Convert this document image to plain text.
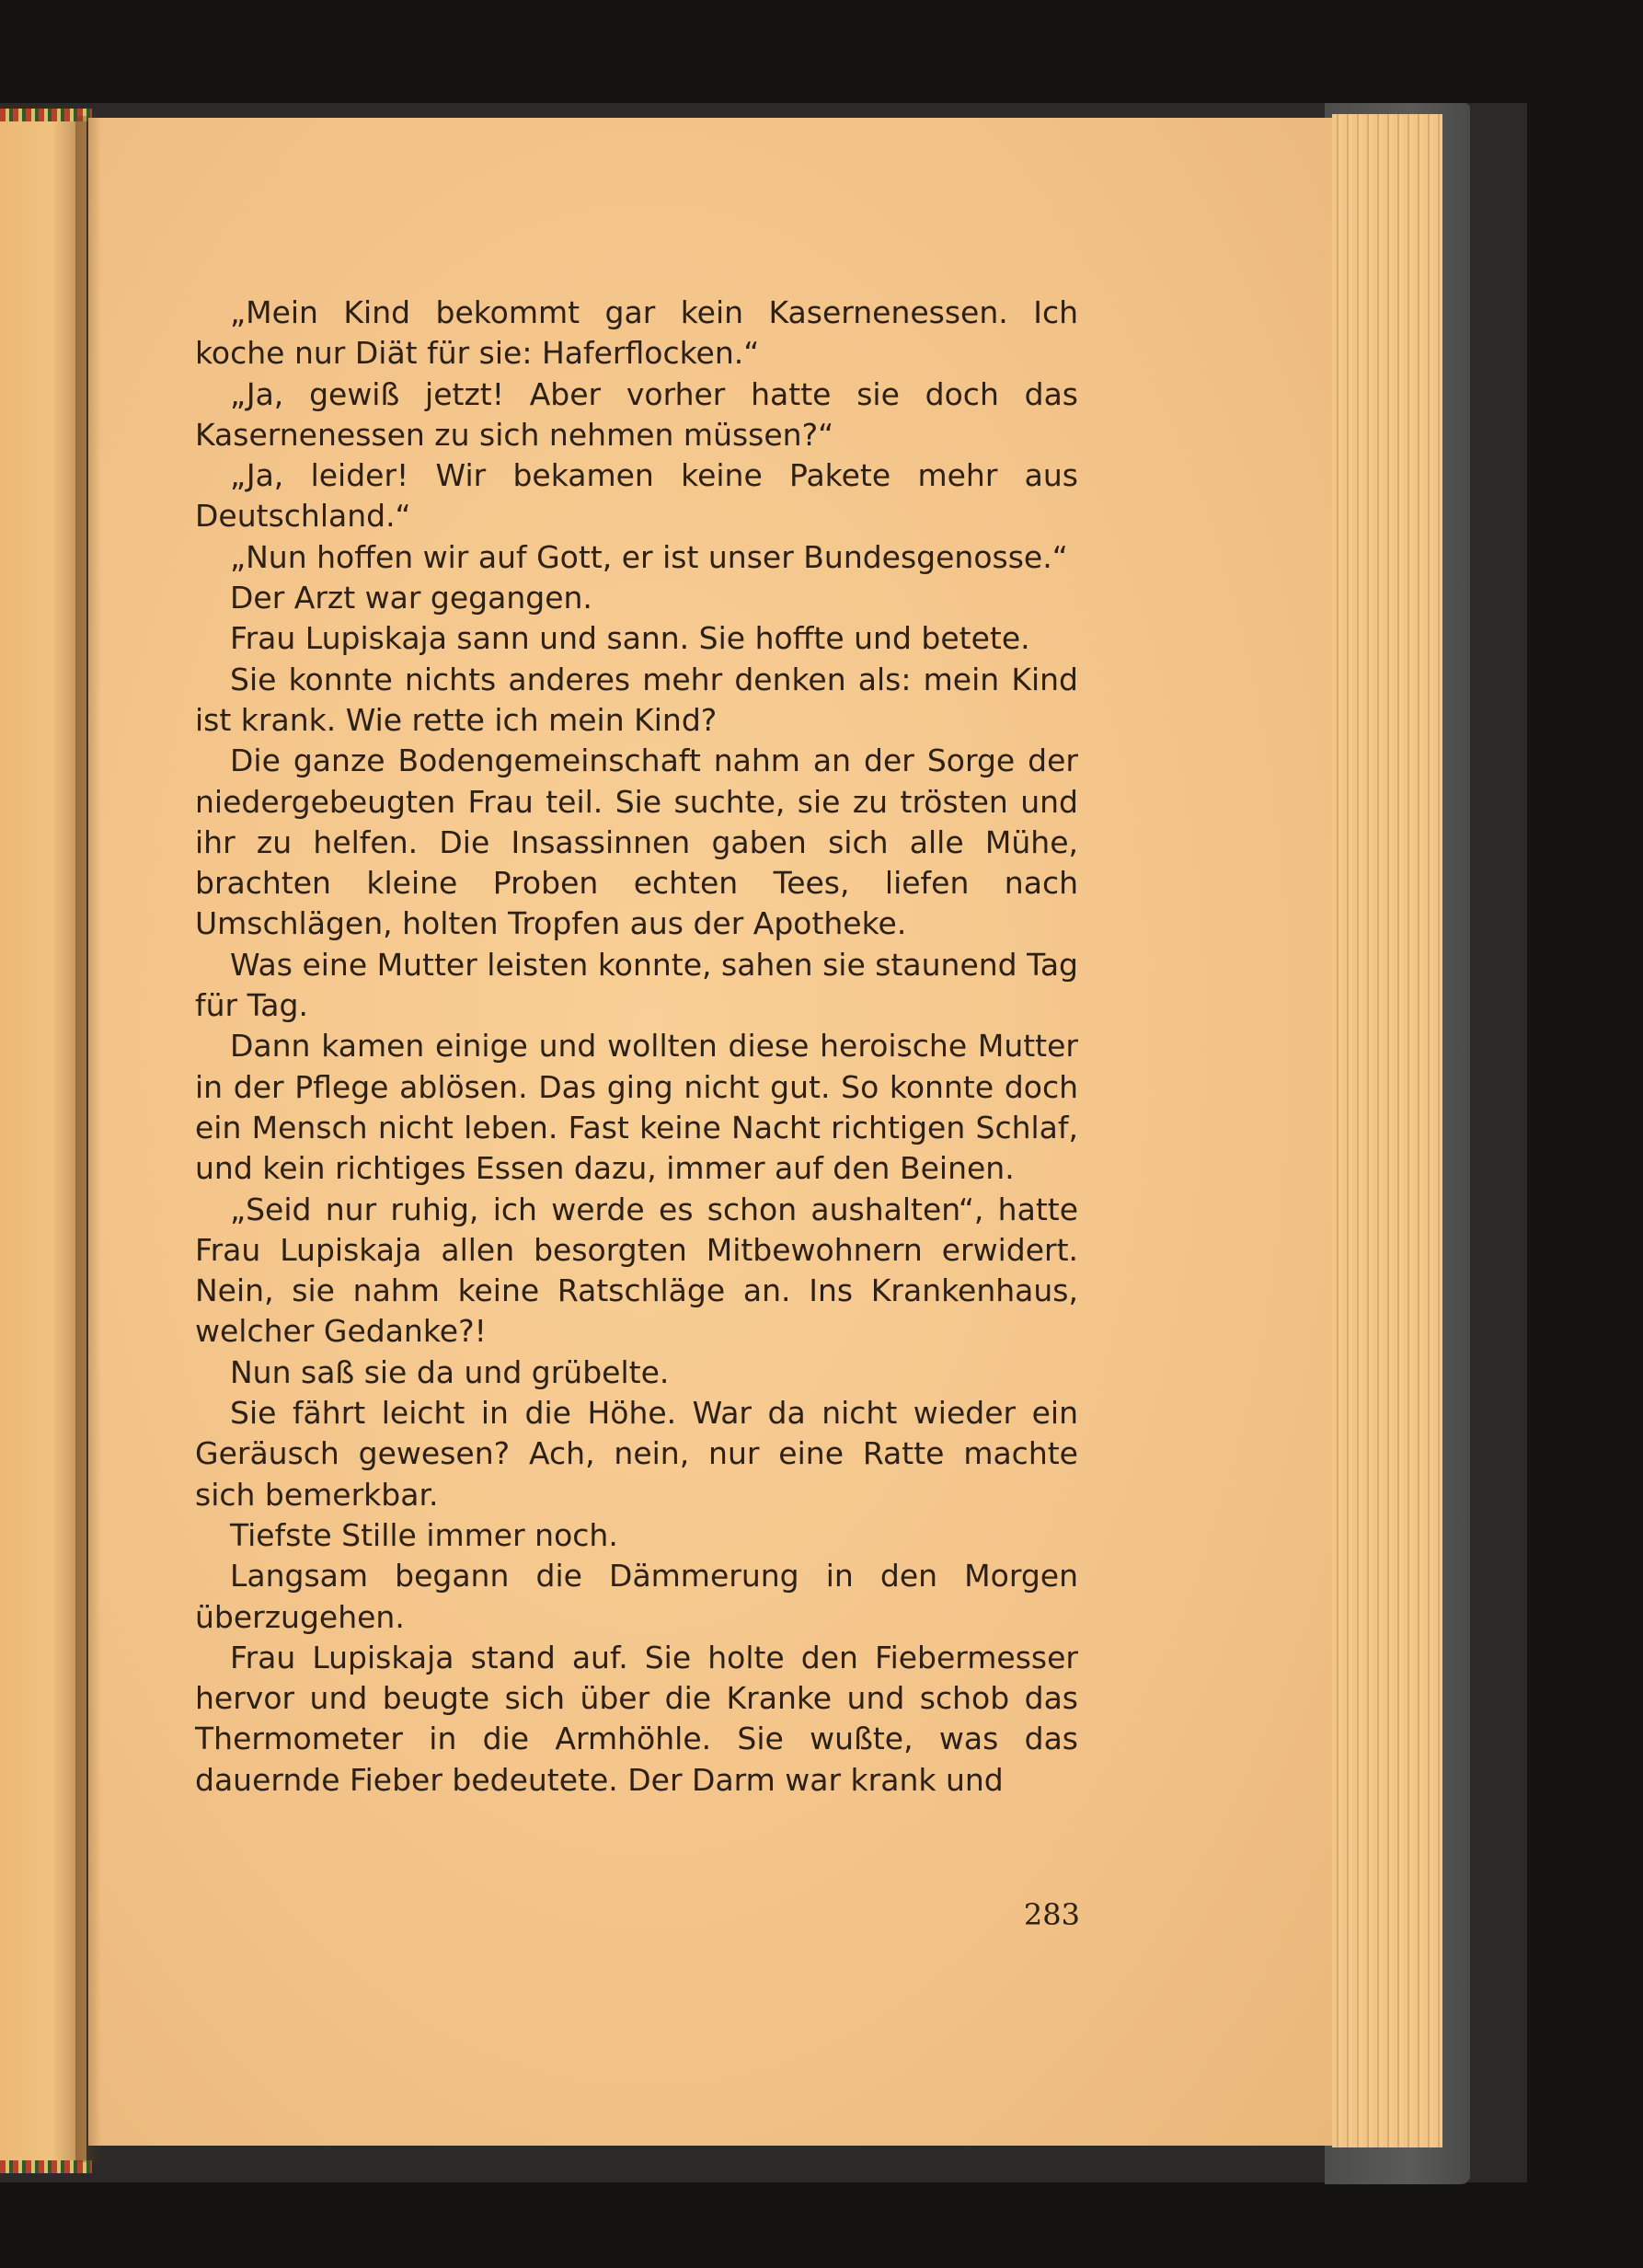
„Mein Kind bekommt gar kein Kasernenessen. Ich koche nur Diät für sie: Haferflocken.“

„Ja, gewiß jetzt! Aber vorher hatte sie doch das Kasernenessen zu sich nehmen müssen?“

„Ja, leider! Wir bekamen keine Pakete mehr aus Deutschland.“

„Nun hoffen wir auf Gott, er ist unser Bundesgenosse.“

Der Arzt war gegangen.

Frau Lupiskaja sann und sann. Sie hoffte und betete.

Sie konnte nichts anderes mehr denken als: mein Kind ist krank. Wie rette ich mein Kind?

Die ganze Bodengemeinschaft nahm an der Sorge der niedergebeugten Frau teil. Sie suchte, sie zu trösten und ihr zu helfen. Die Insassinnen gaben sich alle Mühe, brachten kleine Proben echten Tees, liefen nach Umschlägen, holten Tropfen aus der Apotheke.

Was eine Mutter leisten konnte, sahen sie staunend Tag für Tag.

Dann kamen einige und wollten diese heroische Mutter in der Pflege ablösen. Das ging nicht gut. So konnte doch ein Mensch nicht leben. Fast keine Nacht richtigen Schlaf, und kein richtiges Essen dazu, immer auf den Beinen.

„Seid nur ruhig, ich werde es schon aushalten“, hatte Frau Lupiskaja allen besorgten Mitbewohnern erwidert. Nein, sie nahm keine Ratschläge an. Ins Krankenhaus, welcher Gedanke?!

Nun saß sie da und grübelte.

Sie fährt leicht in die Höhe. War da nicht wieder ein Geräusch gewesen? Ach, nein, nur eine Ratte machte sich bemerkbar.

Tiefste Stille immer noch.

Langsam begann die Dämmerung in den Morgen überzugehen.

Frau Lupiskaja stand auf. Sie holte den Fiebermesser hervor und beugte sich über die Kranke und schob das Thermometer in die Armhöhle. Sie wußte, was das dauernde Fieber bedeutete. Der Darm war krank und

283
